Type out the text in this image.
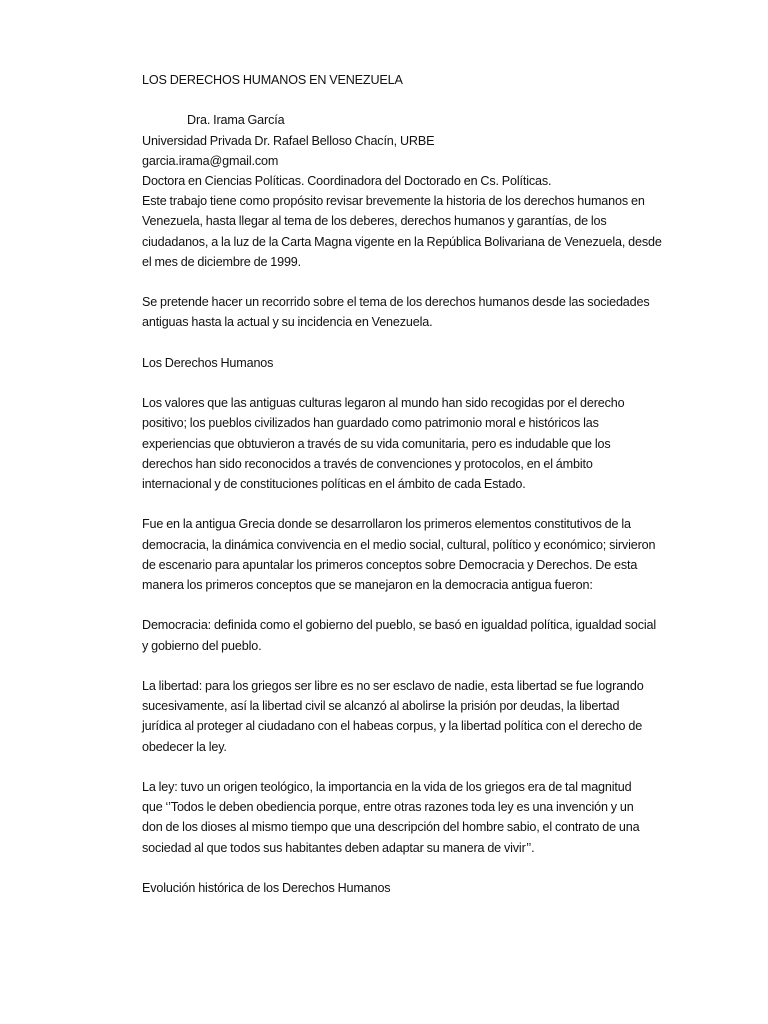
LOS DERECHOS HUMANOS EN VENEZUELA

Dra. Irama García
Universidad Privada Dr. Rafael Belloso Chacín, URBE
garcia.irama@gmail.com
Doctora en Ciencias Políticas. Coordinadora del Doctorado en Cs. Políticas.

Este trabajo tiene como propósito revisar brevemente la historia de los derechos humanos en
Venezuela, hasta llegar al tema de los deberes, derechos humanos y garantías, de los
ciudadanos, a la luz de la Carta Magna vigente en la República Bolivariana de Venezuela, desde
el mes de diciembre de 1999.

Se pretende hacer un recorrido sobre el tema de los derechos humanos desde las sociedades
antiguas hasta la actual y su incidencia en Venezuela.

Los Derechos Humanos

Los valores que las antiguas culturas legaron al mundo han sido recogidas por el derecho
positivo; los pueblos civilizados han guardado como patrimonio moral e históricos las
experiencias que obtuvieron a través de su vida comunitaria, pero es indudable que los
derechos han sido reconocidos a través de convenciones y protocolos, en el ámbito
internacional y de constituciones políticas en el ámbito de cada Estado.

Fue en la antigua Grecia donde se desarrollaron los primeros elementos constitutivos de la
democracia, la dinámica convivencia en el medio social, cultural, político y económico; sirvieron
de escenario para apuntalar los primeros conceptos sobre Democracia y Derechos. De esta
manera los primeros conceptos que se manejaron en la democracia antigua fueron:

Democracia: definida como el gobierno del pueblo, se basó en igualdad política, igualdad social
y gobierno del pueblo.

La libertad: para los griegos ser libre es no ser esclavo de nadie, esta libertad se fue logrando
sucesivamente, así la libertad civil se alcanzó al abolirse la prisión por deudas, la libertad
jurídica al proteger al ciudadano con el habeas corpus, y la libertad política con el derecho de
obedecer la ley.

La ley: tuvo un origen teológico, la importancia en la vida de los griegos era de tal magnitud
que ‘’Todos le deben obediencia porque, entre otras razones toda ley es una invención y un
don de los dioses al mismo tiempo que una descripción del hombre sabio, el contrato de una
sociedad al que todos sus habitantes deben adaptar su manera de vivir’’.

Evolución histórica de los Derechos Humanos
